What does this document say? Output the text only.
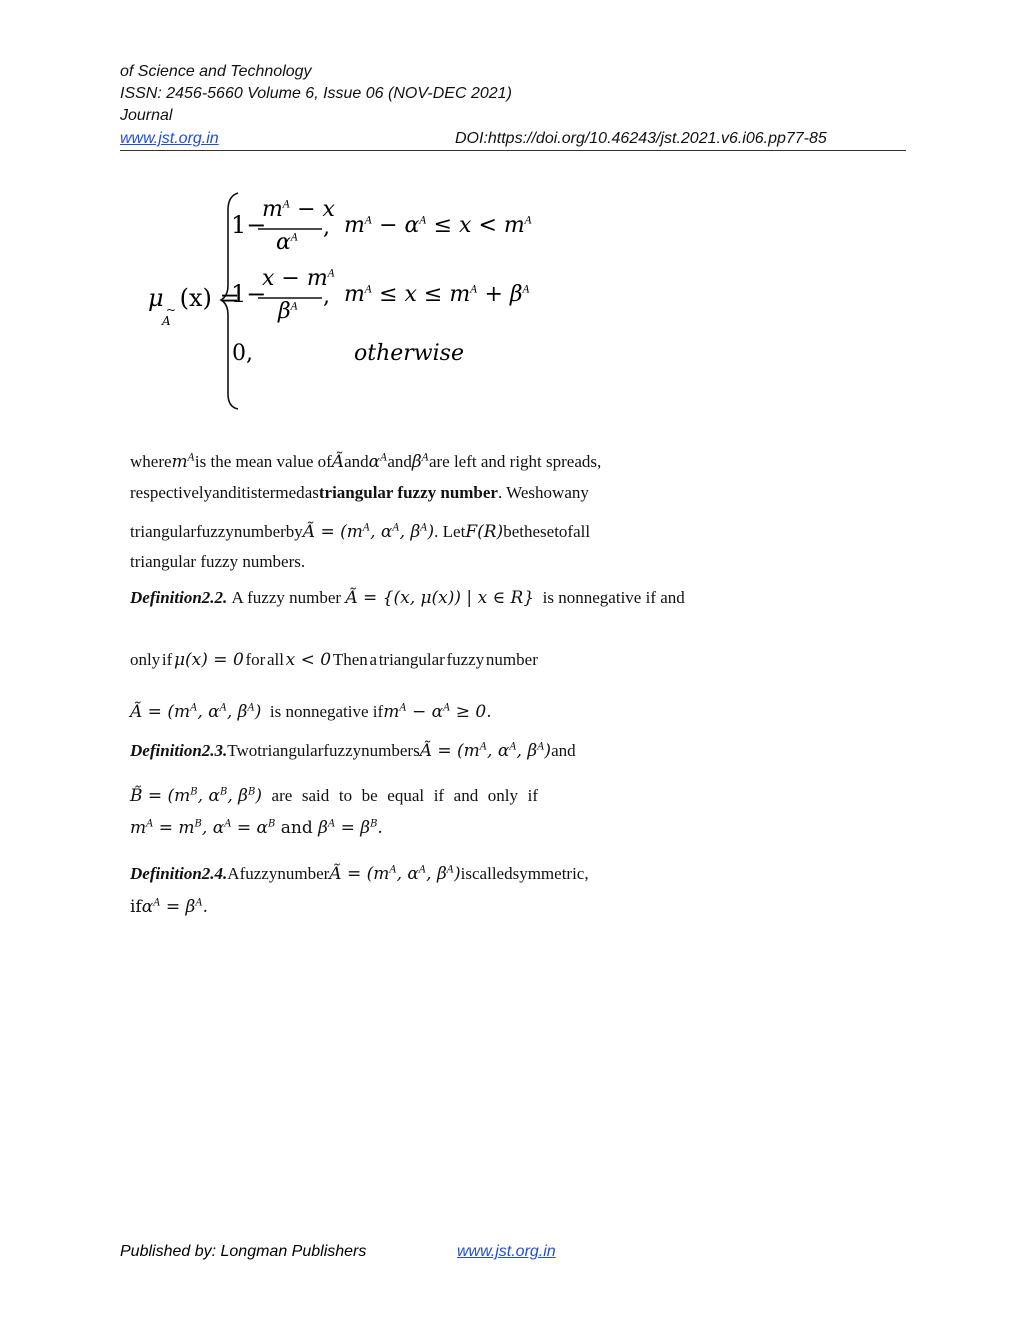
of Science and Technology
ISSN: 2456-5660 Volume 6, Issue 06 (NOV-DEC 2021)
Journal
www.jst.org.in	DOI:https://doi.org/10.46243/jst.2021.v6.i06.pp77-85
μ (x) =
A
~
1−
$m^A - x$
$\alpha^A$ , $m^A - \alpha^A \le x < m^A$
1−
$x - m^A$
$\beta^A$ , $m^A \le x \le m^A + \beta^A$
0,	otherwise
where $m^A$ is the mean value of Ã and $\alpha^A$ and $\beta^A$ are left and right spreads,
respectively and it is termed as triangular fuzzy number. We show any
triangular fuzzy number by Ã = ($m^A$, $\alpha^A$, $\beta^A$) . Let F(R) be the set of all
triangular fuzzy numbers.
Definition2.2. A fuzzy number
Ã = {(x, μ(x)) | x ∈ R}
is nonnegative if and
only if μ(x) = 0 for all x < 0 Then a triangular fuzzy number
Ã = ($m^A$, $\alpha^A$, $\beta^A$)
is nonnegative if $m^A - \alpha^A \ge 0$.
Definition2.3. Two triangular fuzzy numbers Ã = ($m^A$, $\alpha^A$, $\beta^A$) and
B̃ = ($m^B$, $\alpha^B$, $\beta^B$) are said to be equal if and only if
$m^A = m^B$, $\alpha^A = \alpha^B$ and $\beta^A = \beta^B$.
Definition2.4. A fuzzy number Ã = ($m^A$, $\alpha^A$, $\beta^A$) is called symmetric,
$if\alpha^A = \beta^A$.
Published by: Longman Publishers	www.jst.org.in
